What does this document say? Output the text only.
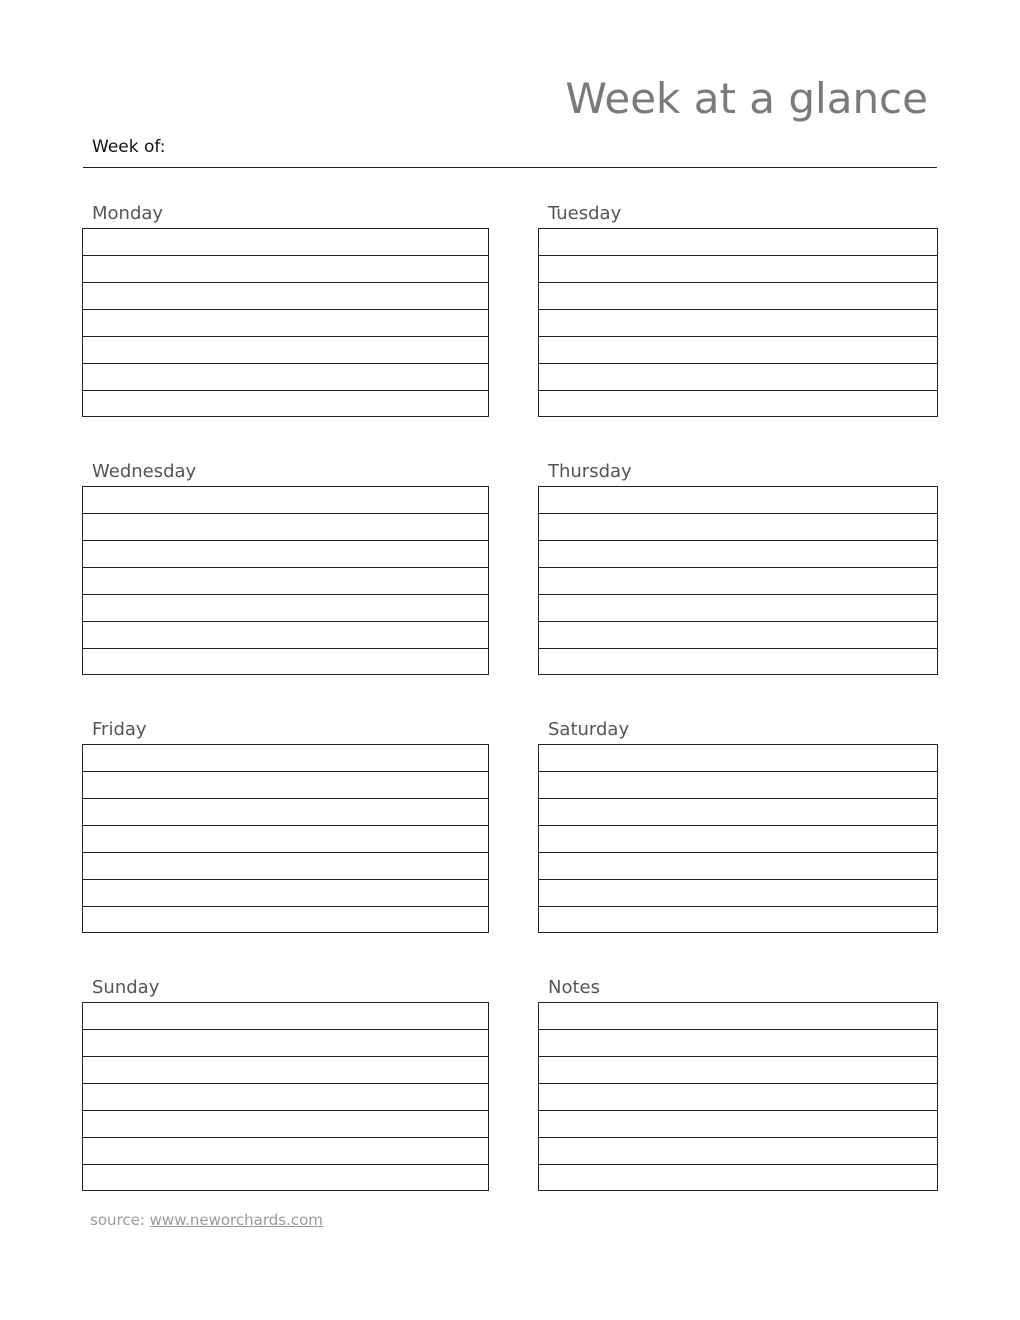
Week at a glance
Week of:
Monday	Tuesday
Wednesday	Thursday
Friday	Saturday
Sunday	Notes
source: www.neworchards.com
